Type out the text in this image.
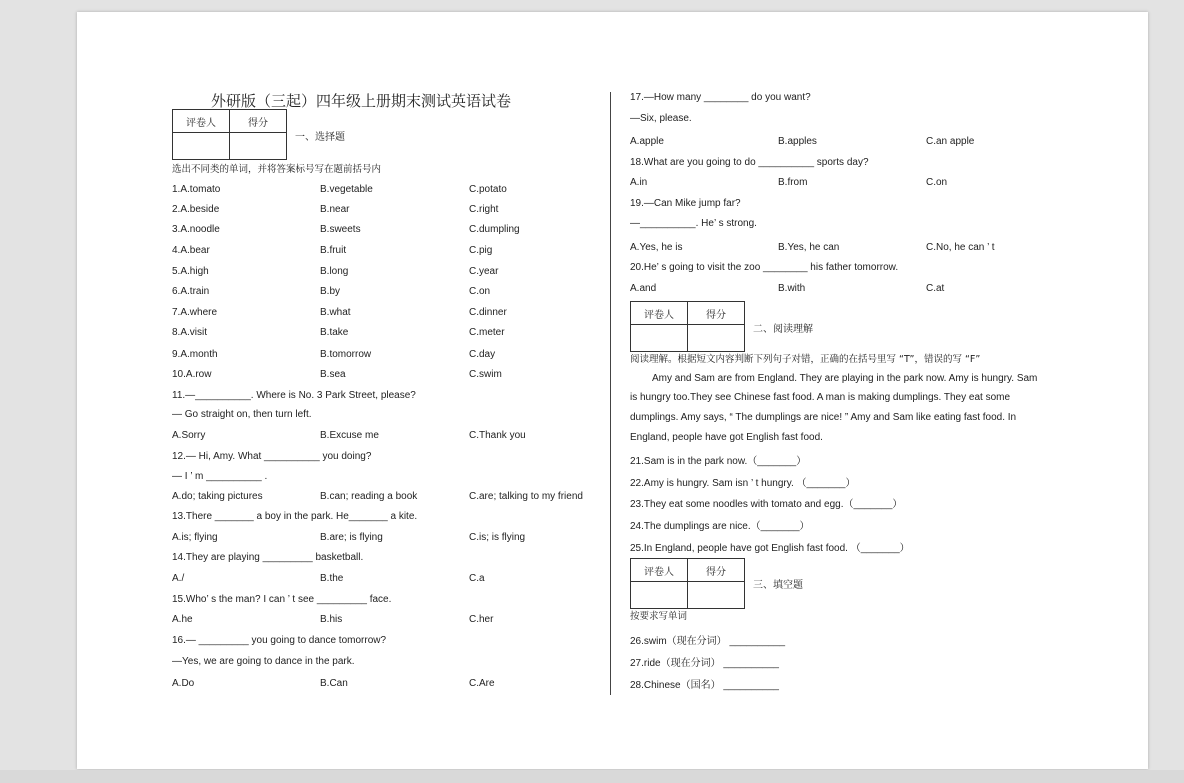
外研版（三起）四年级上册期末测试英语试卷
评卷人	得分

一、选择题
选出不同类的单词，并将答案标号写在题前括号内
1.A.tomato	B.vegetable	C.potato
2.A.beside	B.near	C.right
3.A.noodle	B.sweets	C.dumpling
4.A.bear	B.fruit	C.pig
5.A.high	B.long	C.year
6.A.train	B.by	C.on
7.A.where	B.what	C.dinner
8.A.visit	B.take	C.meter
9.A.month	B.tomorrow	C.day
10.A.row	B.sea	C.swim
11.—__________. Where is No. 3 Park Street, please?
— Go straight on, then turn left.
A.Sorry	B.Excuse me	C.Thank you
12.— Hi, Amy. What __________ you doing?
— I ’ m __________ .
A.do; taking pictures	B.can; reading a book	C.are; talking to my friend
13.There _______ a boy in the park. He_______ a kite.
A.is; flying	B.are; is flying	C.is; is flying
14.They are playing _________ basketball.
A./	B.the	C.a
15.Who’ s the man? I can ’ t see _________ face.
A.he	B.his	C.her
16.— _________ you going to dance tomorrow?
—Yes, we are going to dance in the park.
A.Do	B.Can	C.Are
17.—How many ________ do you want?
—Six, please.
A.apple	B.apples	C.an apple
18.What are you going to do __________ sports day?
A.in	B.from	C.on
19.—Can Mike jump far?
—__________. He’ s strong.
A.Yes, he is	B.Yes, he can	C.No, he can ’ t
20.He’ s going to visit the zoo ________ his father tomorrow.
A.and	B.with	C.at
评卷人	得分

二、阅读理解
阅读理解。根据短文内容判断下列句子对错，正确的在括号里写 “T”，错误的写 “F”
Amy and Sam are from England. They are playing in the park now. Amy is hungry. Sam
is hungry too.They see Chinese fast food. A man is making dumplings. They eat some
dumplings. Amy says, “ The dumplings are nice! ” Amy and Sam like eating fast food. In
England, people have got English fast food.
21.Sam is in the park now.（_______）
22.Amy is hungry. Sam isn ’ t hungry. （_______）
23.They eat some noodles with tomato and egg.（_______）
24.The dumplings are nice.（_______）
25.In England, people have got English fast food. （_______）
评卷人	得分

三、填空题
按要求写单词
26.swim（现在分词） __________
27.ride（现在分词） __________
28.Chinese（国名） __________
